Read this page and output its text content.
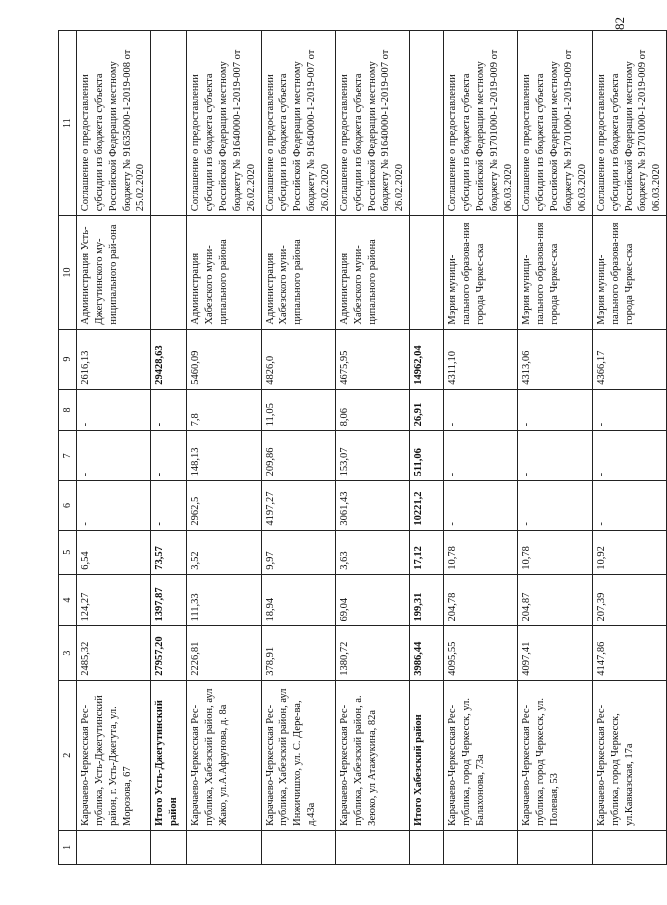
82
1	2	3	4	5	6	7	8	9	10	11
	Карачаево-Черкесская Рес-публика, Усть-Джегутинский район, г. Усть-Джегута, ул. Морозова, 67	2485,32	124,27	6,54	-	-	-	2616,13	Администрация Усть-Джегутинского му-ниципального рай-она	Соглашение о предоставлении субсидии из бюджета субъекта Российской Федерации местному бюджету № 91635000-1-2019-008 от 25.02.2020
	Итого Усть-Джегутинский район	27957,20	1397,87	73,57	-	-	-	29428,63		
	Карачаево-Черкесская Рес-публика, Хабезский район, аул Жако, ул.А.Афаунова, д. 8а	2226,81	111,33	3,52	2962,5	148,13	7,8	5460,09	Администрация Хабезского муни-ципального района	Соглашение о предоставлении субсидии из бюджета субъекта Российской Федерации местному бюджету № 91640000-1-2019-007 от 26.02.2020
	Карачаево-Черкесская Рес-публика, Хабезский район, аул Инжичишхо, ул. С. Дере-ва, д.43а	378,91	18,94	9,97	4197,27	209,86	11,05	4826,0	Администрация Хабезского муни-ципального района	Соглашение о предоставлении субсидии из бюджета субъекта Российской Федерации местному бюджету № 91640000-1-2019-007 от 26.02.2020
	Карачаево-Черкесская Рес-публика, Хабезский район, а. Зеюко, ул Атажукина, 82а	1380,72	69,04	3,63	3061,43	153,07	8,06	4675,95	Администрация Хабезского муни-ципального района	Соглашение о предоставлении субсидии из бюджета субъекта Российской Федерации местному бюджету № 91640000-1-2019-007 от 26.02.2020
	Итого Хабезский район	3986,44	199,31	17,12	10221,2	511,06	26,91	14962,04		
	Карачаево-Черкесская Рес-публика, город Черкесск, ул. Балахонова, 73а	4095,55	204,78	10,78	-	-	-	4311,10	Мэрия муници-пального образова-ния города Черкес-ска	Соглашение о предоставлении субсидии из бюджета субъекта Российской Федерации местному бюджету № 91701000-1-2019-009 от 06.03.2020
	Карачаево-Черкесская Рес-публика, город Черкесск, ул. Полевая, 53	4097,41	204,87	10,78	-	-	-	4313,06	Мэрия муници-пального образова-ния города Черкес-ска	Соглашение о предоставлении субсидии из бюджета субъекта Российской Федерации местному бюджету № 91701000-1-2019-009 от 06.03.2020
	Карачаево-Черкесская Рес-публика, город Черкесск, ул.Кавказская, 17а	4147,86	207,39	10,92	-	-	-	4366,17	Мэрия муници-пального образова-ния города Черкес-ска	Соглашение о предоставлении субсидии из бюджета субъекта Российской Федерации местному бюджету № 91701000-1-2019-009 от 06.03.2020
